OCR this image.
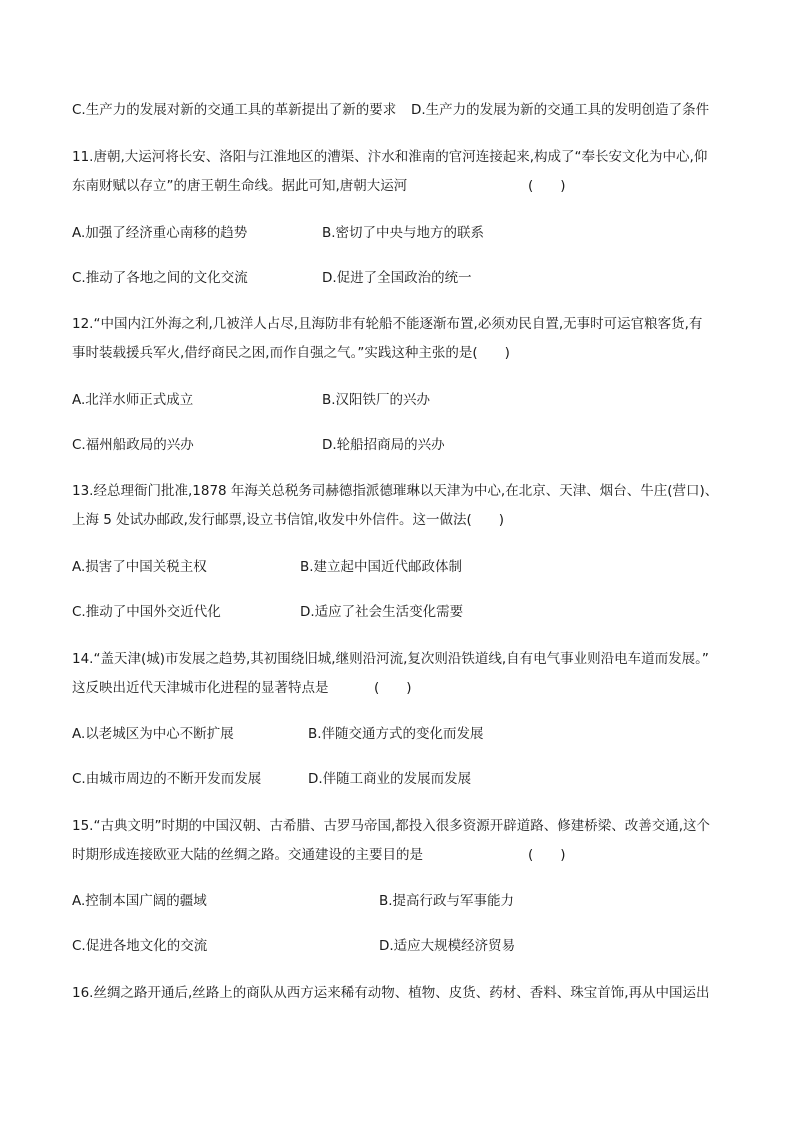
C.生产力的发展对新的交通工具的革新提出了新的要求 D.生产力的发展为新的交通工具的发明创造了条件
11.唐朝,大运河将长安、洛阳与江淮地区的漕渠、汴水和淮南的官河连接起来,构成了“奉长安文化为中心,仰
东南财赋以存立”的唐王朝生命线。据此可知,唐朝大运河	(　　)
A.加强了经济重心南移的趋势	B.密切了中央与地方的联系
C.推动了各地之间的文化交流	D.促进了全国政治的统一
12.“中国内江外海之利,几被洋人占尽,且海防非有轮船不能逐渐布置,必须劝民自置,无事时可运官粮客货,有
事时装载援兵军火,借纾商民之困,而作自强之气。”实践这种主张的是(　　)
A.北洋水师正式成立	B.汉阳铁厂的兴办
C.福州船政局的兴办	D.轮船招商局的兴办
13.经总理衙门批准,1878 年海关总税务司赫德指派德璀琳以天津为中心,在北京、天津、烟台、牛庄(营口)、
上海 5 处试办邮政,发行邮票,设立书信馆,收发中外信件。这一做法(　　)
A.损害了中国关税主权	B.建立起中国近代邮政体制
C.推动了中国外交近代化	D.适应了社会生活变化需要
14.“盖天津(城)市发展之趋势,其初围绕旧城,继则沿河流,复次则沿铁道线,自有电气事业则沿电车道而发展。”
这反映出近代天津城市化进程的显著特点是	(　　)
A.以老城区为中心不断扩展	B.伴随交通方式的变化而发展
C.由城市周边的不断开发而发展	D.伴随工商业的发展而发展
15.“古典文明”时期的中国汉朝、古希腊、古罗马帝国,都投入很多资源开辟道路、修建桥梁、改善交通,这个
时期形成连接欧亚大陆的丝绸之路。交通建设的主要目的是	(　　)
A.控制本国广阔的疆域	B.提高行政与军事能力
C.促进各地文化的交流	D.适应大规模经济贸易
16.丝绸之路开通后,丝路上的商队从西方运来稀有动物、植物、皮货、药材、香料、珠宝首饰,再从中国运出
